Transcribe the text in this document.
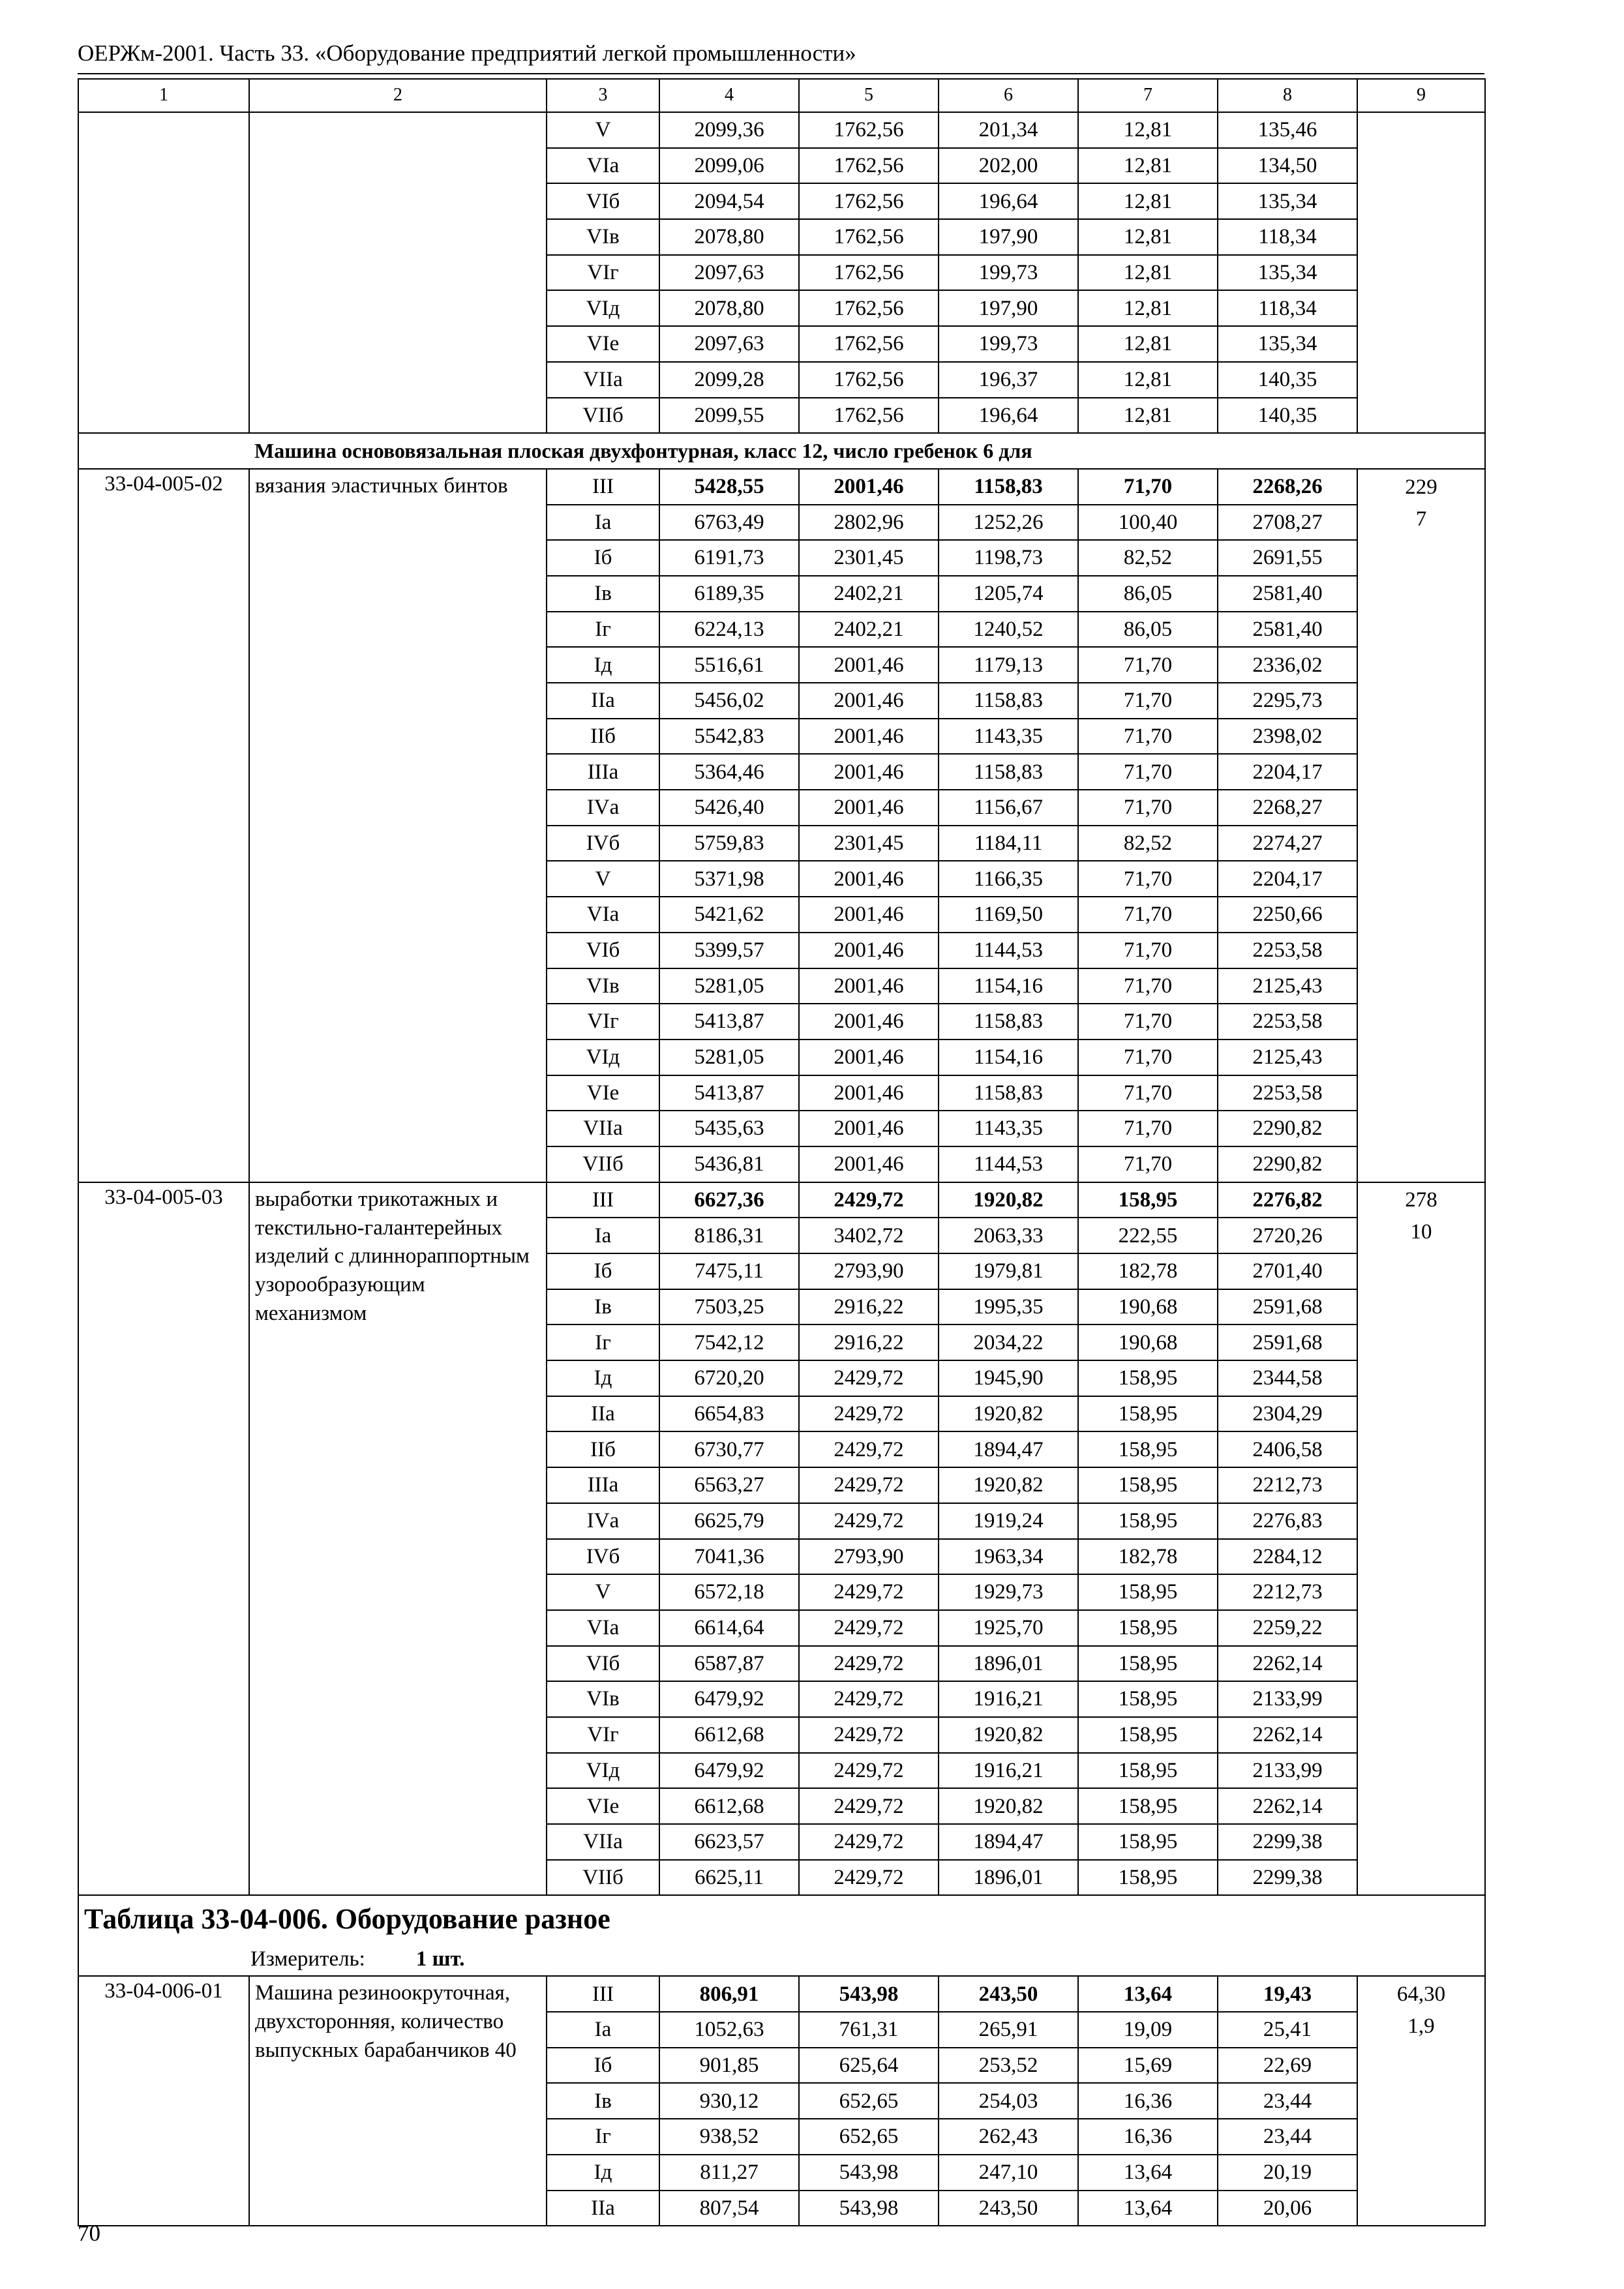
ОЕРЖм-2001. Часть 33. «Оборудование предприятий легкой промышленности»
1	2	3	4	5	6	7	8	9
		V	2099,36	1762,56	201,34	12,81	135,46	
		VIа	2099,06	1762,56	202,00	12,81	134,50	
		VIб	2094,54	1762,56	196,64	12,81	135,34	
		VIв	2078,80	1762,56	197,90	12,81	118,34	
		VIг	2097,63	1762,56	199,73	12,81	135,34	
		VIд	2078,80	1762,56	197,90	12,81	118,34	
		VIе	2097,63	1762,56	199,73	12,81	135,34	
		VIIа	2099,28	1762,56	196,37	12,81	140,35	
		VIIб	2099,55	1762,56	196,64	12,81	140,35	
	Машина основовязальная плоская двухфонтурная, класс 12, число гребенок 6 для							
33-04-005-02	вязания эластичных бинтов	III	5428,55	2001,46	1158,83	71,70	2268,26	229
		Iа	6763,49	2802,96	1252,26	100,40	2708,27	7
		Iб	6191,73	2301,45	1198,73	82,52	2691,55	
		Iв	6189,35	2402,21	1205,74	86,05	2581,40	
		Iг	6224,13	2402,21	1240,52	86,05	2581,40	
		Iд	5516,61	2001,46	1179,13	71,70	2336,02	
		IIа	5456,02	2001,46	1158,83	71,70	2295,73	
		IIб	5542,83	2001,46	1143,35	71,70	2398,02	
		IIIа	5364,46	2001,46	1158,83	71,70	2204,17	
		IVа	5426,40	2001,46	1156,67	71,70	2268,27	
		IVб	5759,83	2301,45	1184,11	82,52	2274,27	
		V	5371,98	2001,46	1166,35	71,70	2204,17	
		VIа	5421,62	2001,46	1169,50	71,70	2250,66	
		VIб	5399,57	2001,46	1144,53	71,70	2253,58	
		VIв	5281,05	2001,46	1154,16	71,70	2125,43	
		VIг	5413,87	2001,46	1158,83	71,70	2253,58	
		VIд	5281,05	2001,46	1154,16	71,70	2125,43	
		VIе	5413,87	2001,46	1158,83	71,70	2253,58	
		VIIа	5435,63	2001,46	1143,35	71,70	2290,82	
		VIIб	5436,81	2001,46	1144,53	71,70	2290,82	
33-04-005-03	выработки трикотажных и текстильно-галантерейных изделий с длиннораппортным узорообразующим механизмом	III	6627,36	2429,72	1920,82	158,95	2276,82	278
		Iа	8186,31	3402,72	2063,33	222,55	2720,26	10
		Iб	7475,11	2793,90	1979,81	182,78	2701,40	
		Iв	7503,25	2916,22	1995,35	190,68	2591,68	
		Iг	7542,12	2916,22	2034,22	190,68	2591,68	
		Iд	6720,20	2429,72	1945,90	158,95	2344,58	
		IIа	6654,83	2429,72	1920,82	158,95	2304,29	
		IIб	6730,77	2429,72	1894,47	158,95	2406,58	
		IIIа	6563,27	2429,72	1920,82	158,95	2212,73	
		IVа	6625,79	2429,72	1919,24	158,95	2276,83	
		IVб	7041,36	2793,90	1963,34	182,78	2284,12	
		V	6572,18	2429,72	1929,73	158,95	2212,73	
		VIа	6614,64	2429,72	1925,70	158,95	2259,22	
		VIб	6587,87	2429,72	1896,01	158,95	2262,14	
		VIв	6479,92	2429,72	1916,21	158,95	2133,99	
		VIг	6612,68	2429,72	1920,82	158,95	2262,14	
		VIд	6479,92	2429,72	1916,21	158,95	2133,99	
		VIе	6612,68	2429,72	1920,82	158,95	2262,14	
		VIIа	6623,57	2429,72	1894,47	158,95	2299,38	
		VIIб	6625,11	2429,72	1896,01	158,95	2299,38	
Таблица 33-04-006. Оборудование разное								
Измеритель: 1 шт.								
33-04-006-01	Машина резиноокруточная, двухсторонняя, количество выпускных барабанчиков 40	III	806,91	543,98	243,50	13,64	19,43	64,30
		Iа	1052,63	761,31	265,91	19,09	25,41	1,9
		Iб	901,85	625,64	253,52	15,69	22,69	
		Iв	930,12	652,65	254,03	16,36	23,44	
		Iг	938,52	652,65	262,43	16,36	23,44	
		Iд	811,27	543,98	247,10	13,64	20,19	
		IIа	807,54	543,98	243,50	13,64	20,06	
70
